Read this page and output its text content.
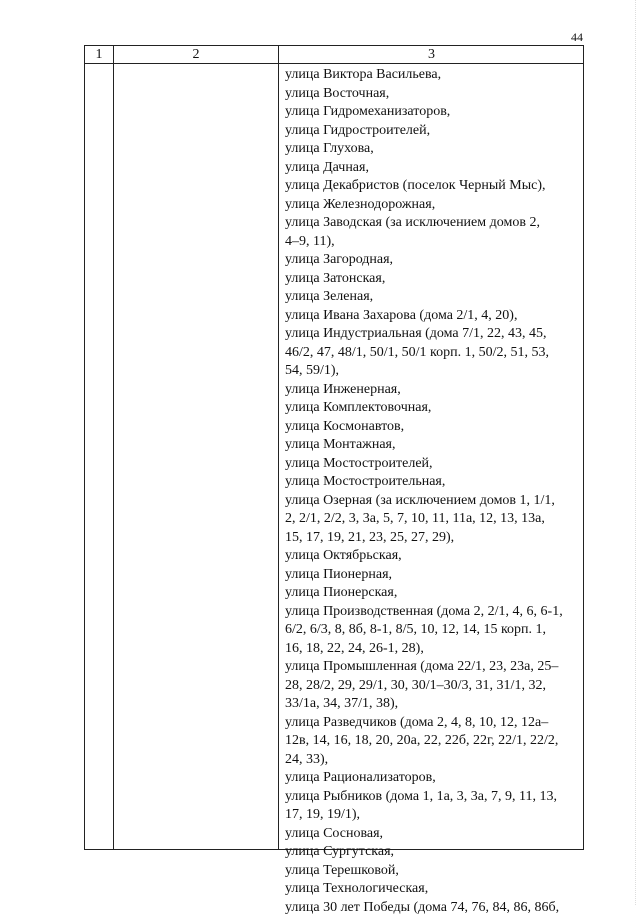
44
1	2	3
улица Виктора Васильева,
улица Восточная,
улица Гидромеханизаторов,
улица Гидростроителей,
улица Глухова,
улица Дачная,
улица Декабристов (поселок Черный Мыс),
улица Железнодорожная,
улица Заводская (за исключением домов 2,
4–9, 11),
улица Загородная,
улица Затонская,
улица Зеленая,
улица Ивана Захарова (дома 2/1, 4, 20),
улица Индустриальная (дома 7/1, 22, 43, 45,
46/2, 47, 48/1, 50/1, 50/1 корп. 1, 50/2, 51, 53,
54, 59/1),
улица Инженерная,
улица Комплектовочная,
улица Космонавтов,
улица Монтажная,
улица Мостостроителей,
улица Мостостроительная,
улица Озерная (за исключением домов 1, 1/1,
2, 2/1, 2/2, 3, 3а, 5, 7, 10, 11, 11а, 12, 13, 13а,
15, 17, 19, 21, 23, 25, 27, 29),
улица Октябрьская,
улица Пионерная,
улица Пионерская,
улица Производственная (дома 2, 2/1, 4, 6, 6-1,
6/2, 6/3, 8, 8б, 8-1, 8/5, 10, 12, 14, 15 корп. 1,
16, 18, 22, 24, 26-1, 28),
улица Промышленная (дома 22/1, 23, 23а, 25–
28, 28/2, 29, 29/1, 30, 30/1–30/3, 31, 31/1, 32,
33/1а, 34, 37/1, 38),
улица Разведчиков (дома 2, 4, 8, 10, 12, 12а–
12в, 14, 16, 18, 20, 20а, 22, 22б, 22г, 22/1, 22/2,
24, 33),
улица Рационализаторов,
улица Рыбников (дома 1, 1а, 3, 3а, 7, 9, 11, 13,
17, 19, 19/1),
улица Сосновая,
улица Сургутская,
улица Терешковой,
улица Технологическая,
улица 30 лет Победы (дома 74, 76, 84, 86, 86б,
